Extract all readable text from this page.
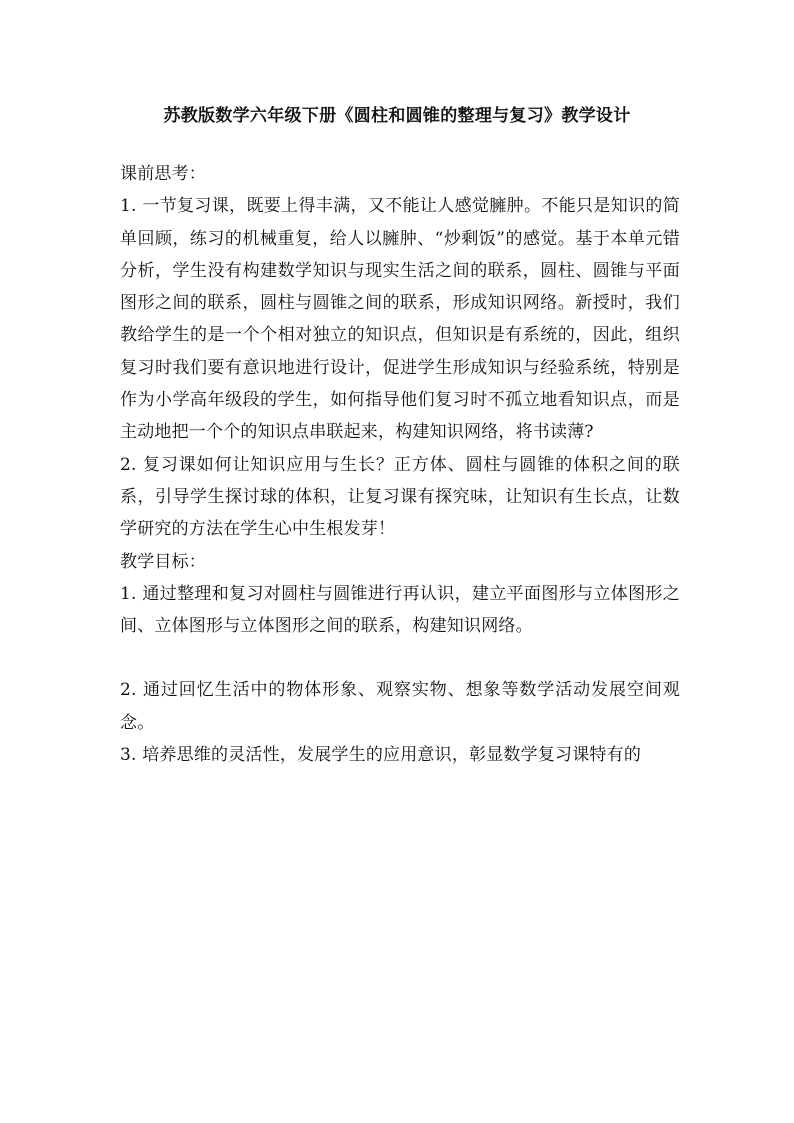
苏教版数学六年级下册《圆柱和圆锥的整理与复习》教学设计

课前思考：

1. 一节复习课，既要上得丰满，又不能让人感觉臃肿。不能只是知识的简单回顾，练习的机械重复，给人以臃肿、“炒剩饭”的感觉。基于本单元错分析，学生没有构建数学知识与现实生活之间的联系，圆柱、圆锥与平面图形之间的联系，圆柱与圆锥之间的联系，形成知识网络。新授时，我们教给学生的是一个个相对独立的知识点，但知识是有系统的，因此，组织复习时我们要有意识地进行设计，促进学生形成知识与经验系统，特别是作为小学高年级段的学生，如何指导他们复习时不孤立地看知识点，而是主动地把一个个的知识点串联起来，构建知识网络，将书读薄?

2. 复习课如何让知识应用与生长？正方体、圆柱与圆锥的体积之间的联系，引导学生探讨球的体积，让复习课有探究味，让知识有生长点，让数学研究的方法在学生心中生根发芽！

教学目标：

1. 通过整理和复习对圆柱与圆锥进行再认识，建立平面图形与立体图形之间、立体图形与立体图形之间的联系，构建知识网络。

2. 通过回忆生活中的物体形象、观察实物、想象等数学活动发展空间观念。

3. 培养思维的灵活性，发展学生的应用意识，彰显数学复习课特有的
